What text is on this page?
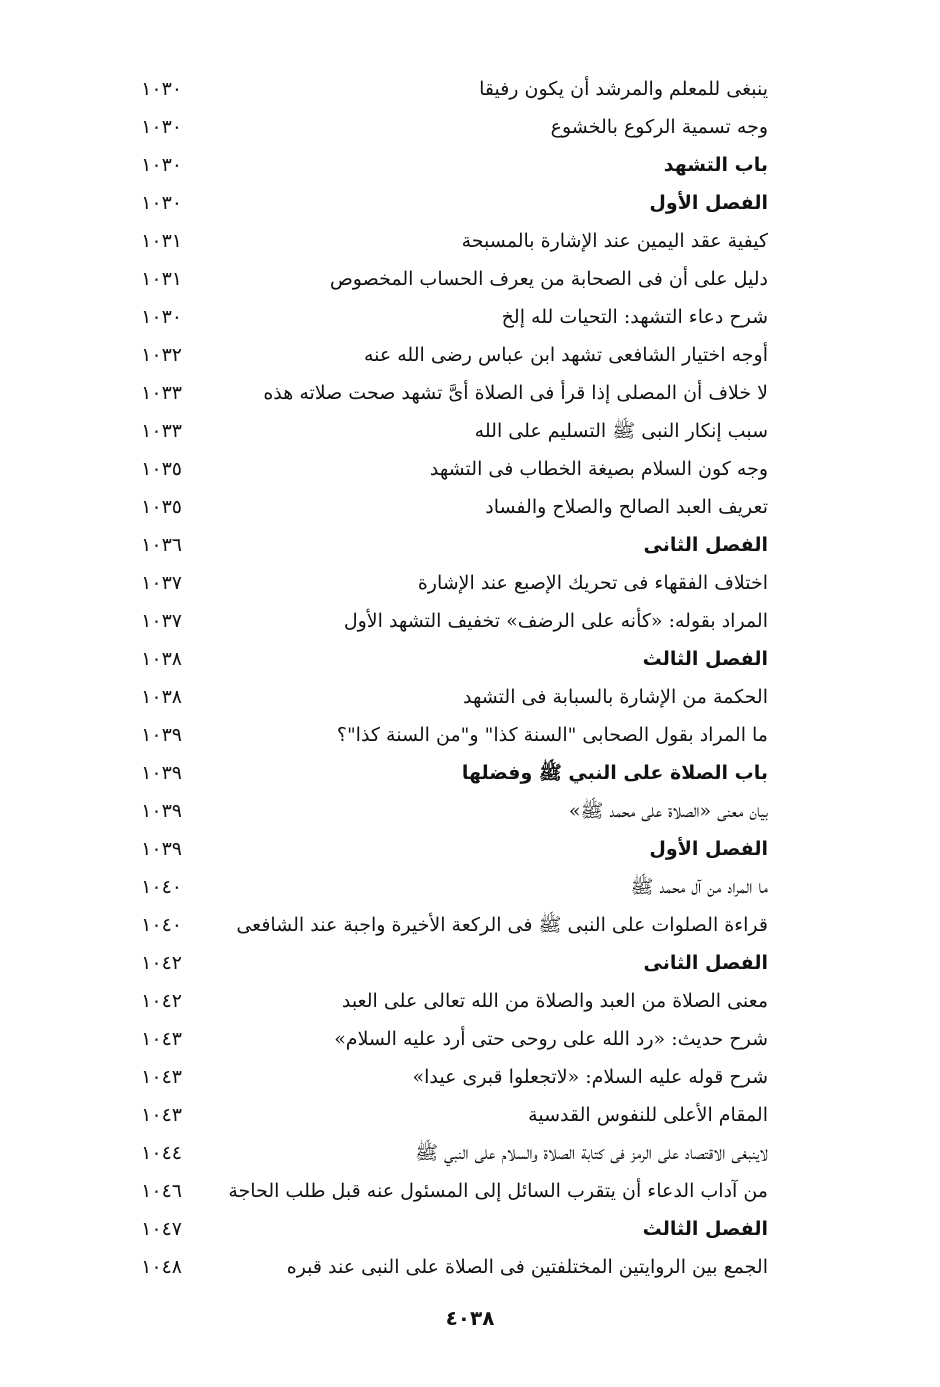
ينبغى للمعلم والمرشد أن يكون رفيقا
١٠٣٠
وجه تسمية الركوع بالخشوع
١٠٣٠
باب التشهد
١٠٣٠
الفصل الأول
١٠٣٠
كيفية عقد اليمين عند الإشارة بالمسبحة
١٠٣١
دليل على أن فى الصحابة من يعرف الحساب المخصوص
١٠٣١
شرح دعاء التشهد: التحيات لله إلخ
١٠٣٠
أوجه اختيار الشافعى تشهد ابن عباس رضى الله عنه
١٠٣٢
لا خلاف أن المصلى إذا قرأ فى الصلاة أىَّ تشهد صحت صلاته هذه
١٠٣٣
سبب إنكار النبى ﷺ التسليم على الله
١٠٣٣
وجه كون السلام بصيغة الخطاب فى التشهد
١٠٣٥
تعريف العبد الصالح والصلاح والفساد
١٠٣٥
الفصل الثانى
١٠٣٦
اختلاف الفقهاء فى تحريك الإصبع عند الإشارة
١٠٣٧
المراد بقوله: «كأنه على الرضف» تخفيف التشهد الأول
١٠٣٧
الفصل الثالث
١٠٣٨
الحكمة من الإشارة بالسبابة فى التشهد
١٠٣٨
ما المراد بقول الصحابى "السنة كذا" و"من السنة كذا"؟
١٠٣٩
باب الصلاة على النبي ﷺ وفضلها
١٠٣٩
بيان معنى «الصلاة على محمد ﷺ»
١٠٣٩
الفصل الأول
١٠٣٩
ما المراد من آل محمد ﷺ
١٠٤٠
قراءة الصلوات على النبى ﷺ فى الركعة الأخيرة واجبة عند الشافعى
١٠٤٠
الفصل الثانى
١٠٤٢
معنى الصلاة من العبد والصلاة من الله تعالى على العبد
١٠٤٢
شرح حديث: «رد الله على روحى حتى أرد عليه السلام»
١٠٤٣
شرح قوله عليه السلام: «لاتجعلوا قبرى عيدا»
١٠٤٣
المقام الأعلى للنفوس القدسية
١٠٤٣
لاينبغى الاقتصاد على الرمز فى كتابة الصلاة والسلام على النبي ﷺ
١٠٤٤
من آداب الدعاء أن يتقرب السائل إلى المسئول عنه قبل طلب الحاجة
١٠٤٦
الفصل الثالث
١٠٤٧
الجمع بين الروايتين المختلفتين فى الصلاة على النبى عند قبره
١٠٤٨
٤٠٣٨
